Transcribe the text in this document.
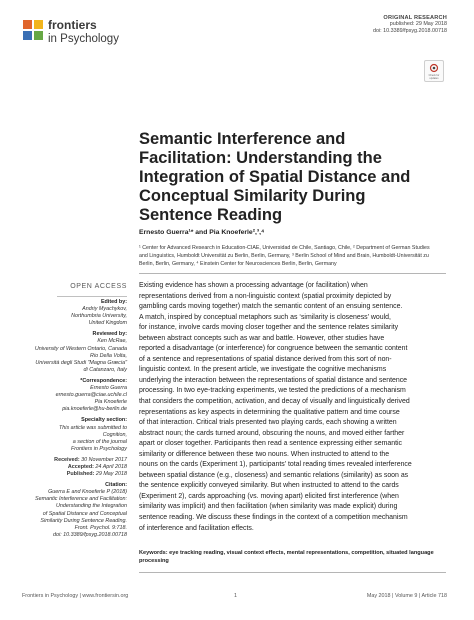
frontiers
in Psychology
ORIGINAL RESEARCH
published: 29 May 2018
doi: 10.3389/fpsyg.2018.00718
Check for updates
Semantic Interference and
Facilitation: Understanding the
Integration of Spatial Distance and
Conceptual Similarity During
Sentence Reading
Ernesto Guerra¹* and Pia Knoeferle²,³,⁴
¹ Center for Advanced Research in Education-CIAE, Universidad de Chile, Santiago, Chile, ² Department of German Studies
and Linguistics, Humboldt Universität zu Berlin, Berlin, Germany, ³ Berlin School of Mind and Brain, Humboldt-Universität zu
Berlin, Berlin, Germany, ⁴ Einstein Center for Neurosciences Berlin, Berlin, Germany
OPEN ACCESS
Edited by:
Andriy Myachykov,
Northumbria University,
United Kingdom
Reviewed by:
Ken McRae,
University of Western Ontario, Canada
Rio Della Volta,
Università degli Studi "Magna Græcia"
di Catanzaro, Italy
*Correspondence:
Ernesto Guerra
ernesto.guerra@ciae.uchile.cl
Pia Knoeferle
pia.knoeferle@hu-berlin.de
Specialty section:
This article was submitted to
Cognition,
a section of the journal
Frontiers in Psychology
Received: 30 November 2017
Accepted: 24 April 2018
Published: 29 May 2018
Citation:
Guerra E and Knoeferle P (2018)
Semantic Interference and Facilitation:
Understanding the Integration
of Spatial Distance and Conceptual
Similarity During Sentence Reading.
Front. Psychol. 9:718.
doi: 10.3389/fpsyg.2018.00718
Existing evidence has shown a processing advantage (or facilitation) when
representations derived from a non-linguistic context (spatial proximity depicted by
gambling cards moving together) match the semantic content of an ensuing sentence.
A match, inspired by conceptual metaphors such as ‘similarity is closeness’ would,
for instance, involve cards moving closer together and the sentence relates similarity
between abstract concepts such as war and battle. However, other studies have
reported a disadvantage (or interference) for congruence between the semantic content
of a sentence and representations of spatial distance derived from this sort of non-
linguistic context. In the present article, we investigate the cognitive mechanisms
underlying the interaction between the representations of spatial distance and sentence
processing. In two eye-tracking experiments, we tested the predictions of a mechanism
that considers the competition, activation, and decay of visually and linguistically derived
representations as key aspects in determining the qualitative pattern and time course
of that interaction. Critical trials presented two playing cards, each showing a written
abstract noun; the cards turned around, obscuring the nouns, and moved either farther
apart or closer together. Participants then read a sentence expressing either semantic
similarity or difference between these two nouns. When instructed to attend to the
nouns on the cards (Experiment 1), participants’ total reading times revealed interference
between spatial distance (e.g., closeness) and semantic relations (similarity) as soon as
the sentence explicitly conveyed similarity. But when instructed to attend to the cards
(Experiment 2), cards approaching (vs. moving apart) elicited first interference (when
similarity was implicit) and then facilitation (when similarity was made explicit) during
sentence reading. We discuss these findings in the context of a competition mechanism
of interference and facilitation effects.
Keywords: eye tracking reading, visual context effects, mental representations, competition, situated language
processing
Frontiers in Psychology | www.frontiersin.org	1	May 2018 | Volume 9 | Article 718
